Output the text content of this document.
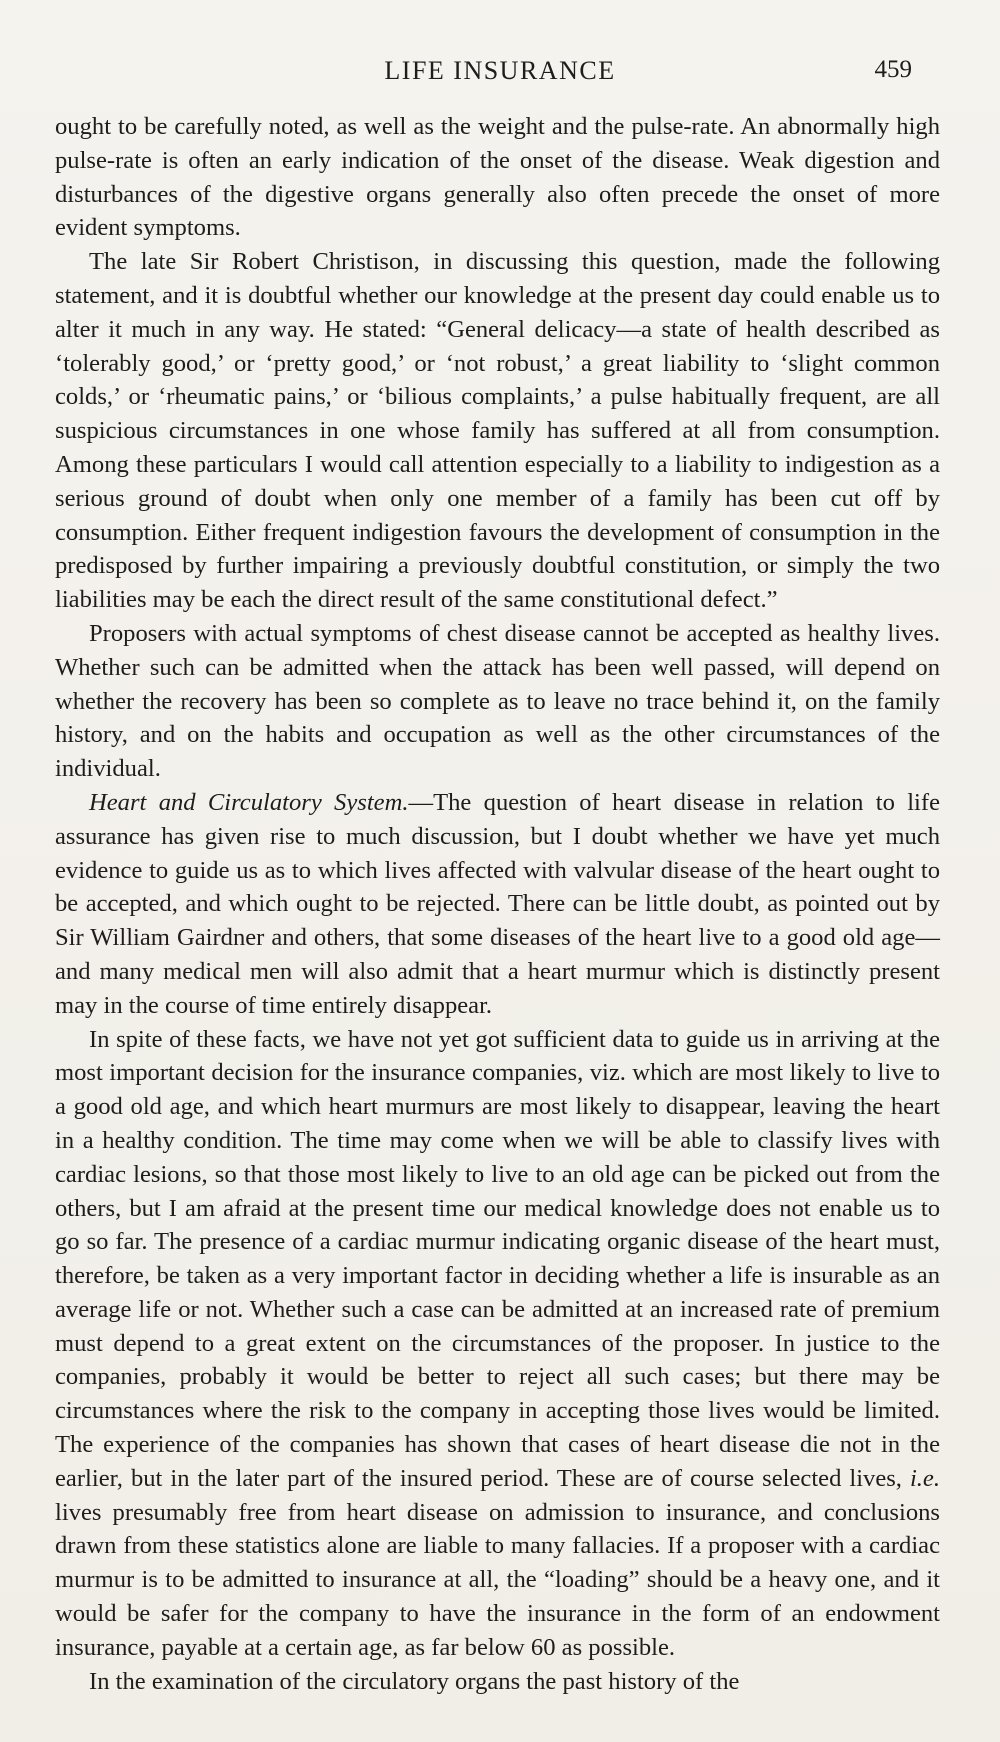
LIFE INSURANCE	459

ought to be carefully noted, as well as the weight and the pulse-rate. An abnormally high pulse-rate is often an early indication of the onset of the disease. Weak digestion and disturbances of the digestive organs generally also often precede the onset of more evident symptoms.

The late Sir Robert Christison, in discussing this question, made the following statement, and it is doubtful whether our knowledge at the present day could enable us to alter it much in any way. He stated: “General delicacy—a state of health described as ‘tolerably good,’ or ‘pretty good,’ or ‘not robust,’ a great liability to ‘slight common colds,’ or ‘rheumatic pains,’ or ‘bilious complaints,’ a pulse habitually frequent, are all suspicious circumstances in one whose family has suffered at all from consumption. Among these particulars I would call attention especially to a liability to indigestion as a serious ground of doubt when only one member of a family has been cut off by consumption. Either frequent indigestion favours the development of consumption in the predisposed by further impairing a previously doubtful constitution, or simply the two liabilities may be each the direct result of the same constitutional defect.”

Proposers with actual symptoms of chest disease cannot be accepted as healthy lives. Whether such can be admitted when the attack has been well passed, will depend on whether the recovery has been so complete as to leave no trace behind it, on the family history, and on the habits and occupation as well as the other circumstances of the individual.

Heart and Circulatory System.—The question of heart disease in relation to life assurance has given rise to much discussion, but I doubt whether we have yet much evidence to guide us as to which lives affected with valvular disease of the heart ought to be accepted, and which ought to be rejected. There can be little doubt, as pointed out by Sir William Gairdner and others, that some diseases of the heart live to a good old age—and many medical men will also admit that a heart murmur which is distinctly present may in the course of time entirely disappear.

In spite of these facts, we have not yet got sufficient data to guide us in arriving at the most important decision for the insurance companies, viz. which are most likely to live to a good old age, and which heart murmurs are most likely to disappear, leaving the heart in a healthy condition. The time may come when we will be able to classify lives with cardiac lesions, so that those most likely to live to an old age can be picked out from the others, but I am afraid at the present time our medical knowledge does not enable us to go so far. The presence of a cardiac murmur indicating organic disease of the heart must, therefore, be taken as a very important factor in deciding whether a life is insurable as an average life or not. Whether such a case can be admitted at an increased rate of premium must depend to a great extent on the circumstances of the proposer. In justice to the companies, probably it would be better to reject all such cases; but there may be circumstances where the risk to the company in accepting those lives would be limited. The experience of the companies has shown that cases of heart disease die not in the earlier, but in the later part of the insured period. These are of course selected lives, i.e. lives presumably free from heart disease on admission to insurance, and conclusions drawn from these statistics alone are liable to many fallacies. If a proposer with a cardiac murmur is to be admitted to insurance at all, the “loading” should be a heavy one, and it would be safer for the company to have the insurance in the form of an endowment insurance, payable at a certain age, as far below 60 as possible.

In the examination of the circulatory organs the past history of the
